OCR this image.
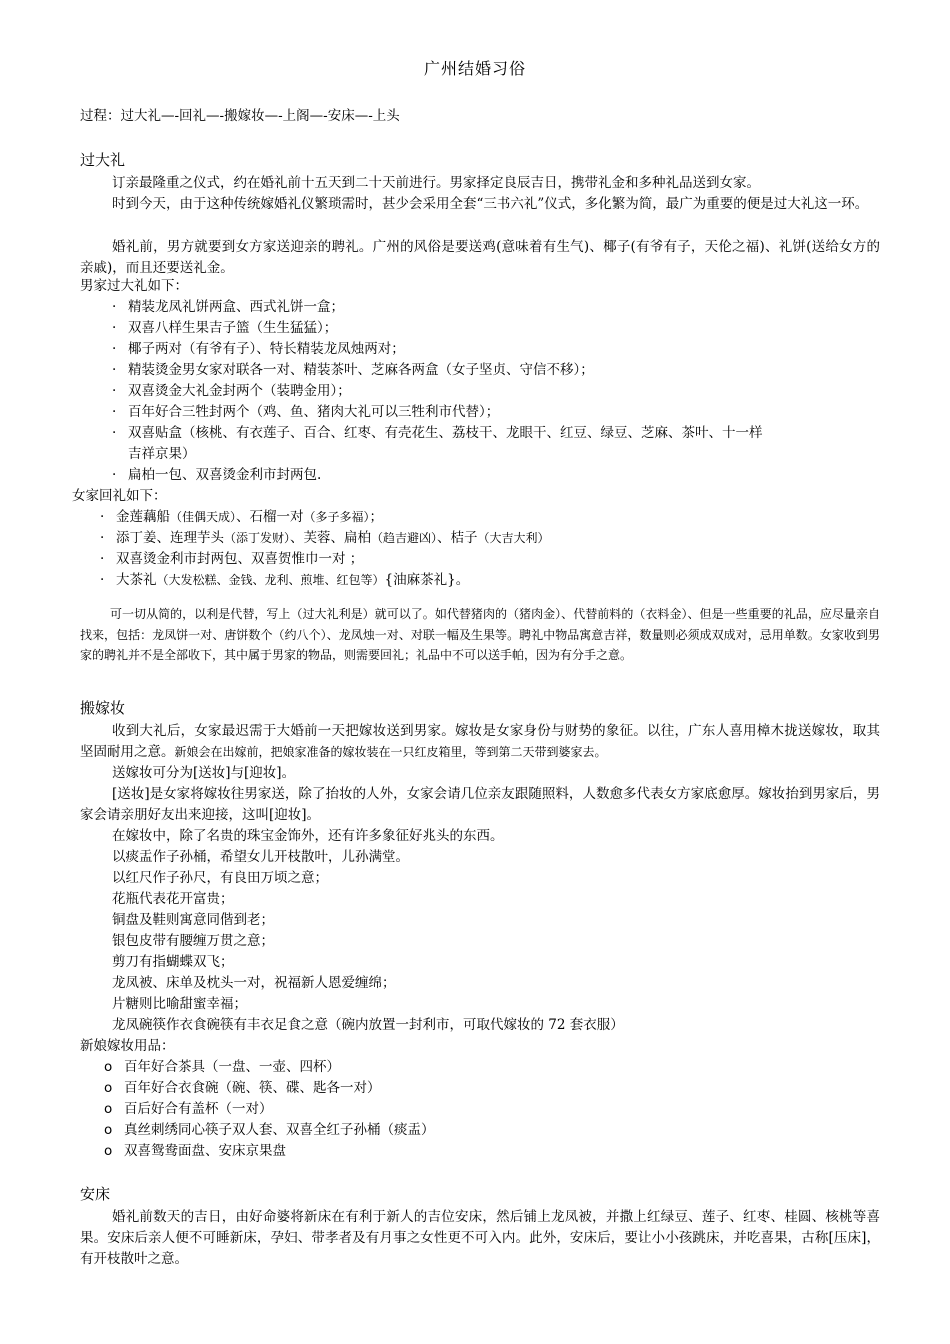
广州结婚习俗
过程：过大礼—-回礼—-搬嫁妆—-上阁—-安床—-上头
过大礼
订亲最隆重之仪式，约在婚礼前十五天到二十天前进行。男家择定良辰吉日，携带礼金和多种礼品送到女家。
时到今天，由于这种传统嫁婚礼仪繁琐需时，甚少会采用全套“三书六礼”仪式，多化繁为简，最广为重要的便是过大礼这一环。
婚礼前，男方就要到女方家送迎亲的聘礼。广州的风俗是要送鸡(意味着有生气)、椰子(有爷有子，天伦之福)、礼饼(送给女方的亲戚)，而且还要送礼金。
男家过大礼如下：
· 精装龙凤礼饼两盒、西式礼饼一盒；
· 双喜八样生果吉子篮（生生猛猛）；
· 椰子两对（有爷有子）、特长精装龙凤烛两对；
· 精装烫金男女家对联各一对、精装茶叶、芝麻各两盒（女子坚贞、守信不移）；
· 双喜烫金大礼金封两个（装聘金用）；
· 百年好合三牲封两个（鸡、鱼、猪肉大礼可以三牲利市代替）；
· 双喜贴盒（核桃、有衣莲子、百合、红枣、有壳花生、荔枝干、龙眼干、红豆、绿豆、芝麻、茶叶、十一样
吉祥京果）
· 扁柏一包、双喜烫金利市封两包.
女家回礼如下：
· 金莲藕船（佳偶天成）、石榴一对（多子多福）；
· 添丁姜、连理芋头（添丁发财）、芙蓉、扁柏（趋吉避凶）、桔子（大吉大利）
· 双喜烫金利市封两包、双喜贺惟巾一对 ；
· 大茶礼（大发松糕、金钱、龙利、煎堆、红包等）{油麻茶礼}。
可一切从简的，以利是代替，写上（过大礼利是）就可以了。如代替猪肉的（猪肉金）、代替前料的（衣料金）、但是一些重要的礼品，应尽量亲自找来，包括：龙凤饼一对、唐饼数个（约八个）、龙凤烛一对、对联一幅及生果等。聘礼中物品寓意吉祥，数量则必须成双成对，忌用单数。女家收到男家的聘礼并不是全部收下，其中属于男家的物品，则需要回礼；礼品中不可以送手帕，因为有分手之意。
搬嫁妆
收到大礼后，女家最迟需于大婚前一天把嫁妆送到男家。嫁妆是女家身份与财势的象征。以往，广东人喜用樟木拢送嫁妆，取其坚固耐用之意。新娘会在出嫁前，把娘家准备的嫁妆装在一只红皮箱里，等到第二天带到婆家去。
送嫁妆可分为[送妆]与[迎妆]。
[送妆]是女家将嫁妆往男家送，除了抬妆的人外，女家会请几位亲友跟随照料，人数愈多代表女方家底愈厚。嫁妆抬到男家后，男家会请亲朋好友出来迎接，这叫[迎妆]。
在嫁妆中，除了名贵的珠宝金饰外，还有许多象征好兆头的东西。
以痰盂作子孙桶，希望女儿开枝散叶，儿孙满堂。
以红尺作子孙尺，有良田万顷之意；
花瓶代表花开富贵；
铜盘及鞋则寓意同偕到老；
银包皮带有腰缠万贯之意；
剪刀有指蝴蝶双飞；
龙凤被、床单及枕头一对，祝福新人恩爱缠绵；
片糖则比喻甜蜜幸福；
龙凤碗筷作衣食碗筷有丰衣足食之意（碗内放置一封利市，可取代嫁妆的 72 套衣服）
新娘嫁妆用品：
o 百年好合茶具（一盘、一壶、四杯）
o 百年好合衣食碗（碗、筷、碟、匙各一对）
o 百后好合有盖杯（一对）
o 真丝刺绣同心筷子双人套、双喜全红子孙桶（痰盂）
o 双喜鸳鸯面盘、安床京果盘
安床
婚礼前数天的吉日，由好命婆将新床在有利于新人的吉位安床，然后铺上龙凤被，并撒上红绿豆、莲子、红枣、桂圆、核桃等喜果。安床后亲人便不可睡新床，孕妇、带孝者及有月事之女性更不可入内。此外，安床后，要让小小孩跳床，并吃喜果，古称[压床]，有开枝散叶之意。
